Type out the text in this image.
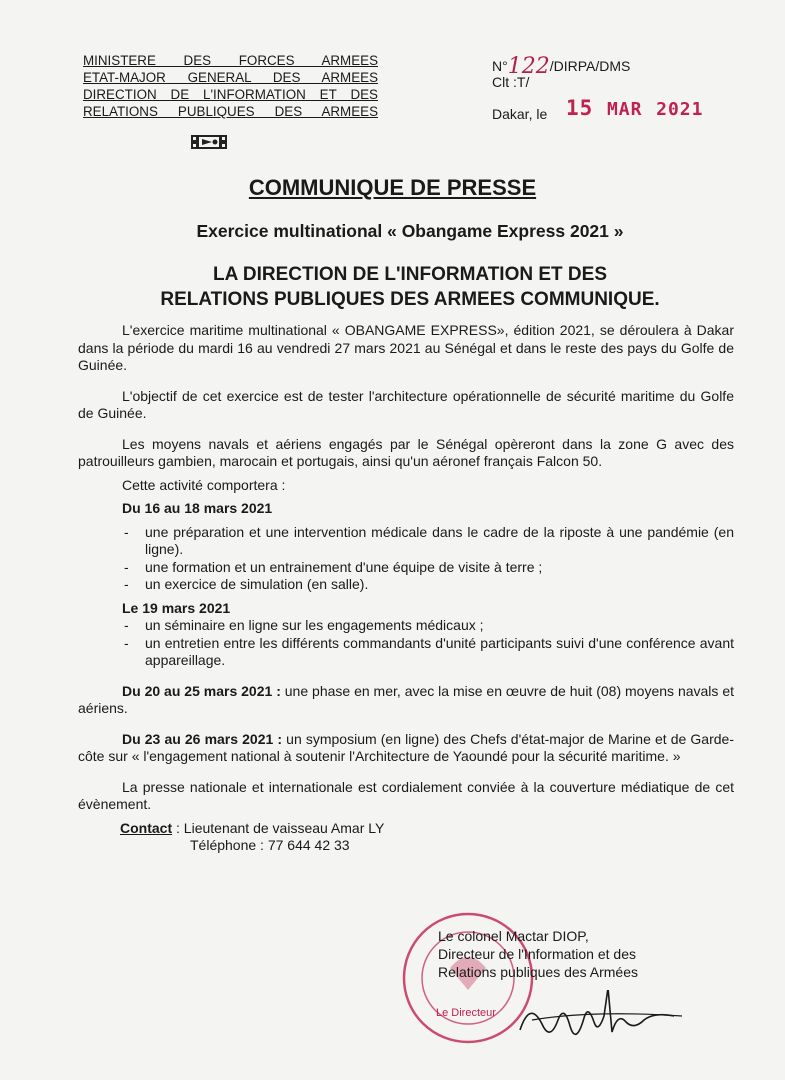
MINISTERE DES FORCES ARMEES
ETAT-MAJOR GENERAL DES ARMEES
DIRECTION DE L'INFORMATION ET DES
RELATIONS PUBLIQUES DES ARMEES
N°122/DIRPA/DMS
Clt :T/
Dakar, le 15 MAR 2021
COMMUNIQUE DE PRESSE
Exercice multinational « Obangame Express 2021 »
LA DIRECTION DE L'INFORMATION ET DES
RELATIONS PUBLIQUES DES ARMEES COMMUNIQUE.

L'exercice maritime multinational « OBANGAME EXPRESS», édition 2021, se déroulera à Dakar dans la période du mardi 16 au vendredi 27 mars 2021 au Sénégal et dans le reste des pays du Golfe de Guinée.

L'objectif de cet exercice est de tester l'architecture opérationnelle de sécurité maritime du Golfe de Guinée.

Les moyens navals et aériens engagés par le Sénégal opèreront dans la zone G avec des patrouilleurs gambien, marocain et portugais, ainsi qu'un aéronef français Falcon 50.

Cette activité comportera :

Du 16 au 18 mars 2021

- une préparation et une intervention médicale dans le cadre de la riposte à une pandémie (en ligne).
- une formation et un entrainement d'une équipe de visite à terre ;
- un exercice de simulation (en salle).

Le 19 mars 2021

- un séminaire en ligne sur les engagements médicaux ;
- un entretien entre les différents commandants d'unité participants suivi d'une conférence avant appareillage.

Du 20 au 25 mars 2021 : une phase en mer, avec la mise en œuvre de huit (08) moyens navals et aériens.

Du 23 au 26 mars 2021 : un symposium (en ligne) des Chefs d'état-major de Marine et de Garde-côte sur « l'engagement national à soutenir l'Architecture de Yaoundé pour la sécurité maritime. »

La presse nationale et internationale est cordialement conviée à la couverture médiatique de cet évènement.

Contact : Lieutenant de vaisseau Amar LY

Téléphone : 77 644 42 33

Le Directeur
Le colonel Mactar DIOP,
Directeur de l'Information et des
Relations publiques des Armées
